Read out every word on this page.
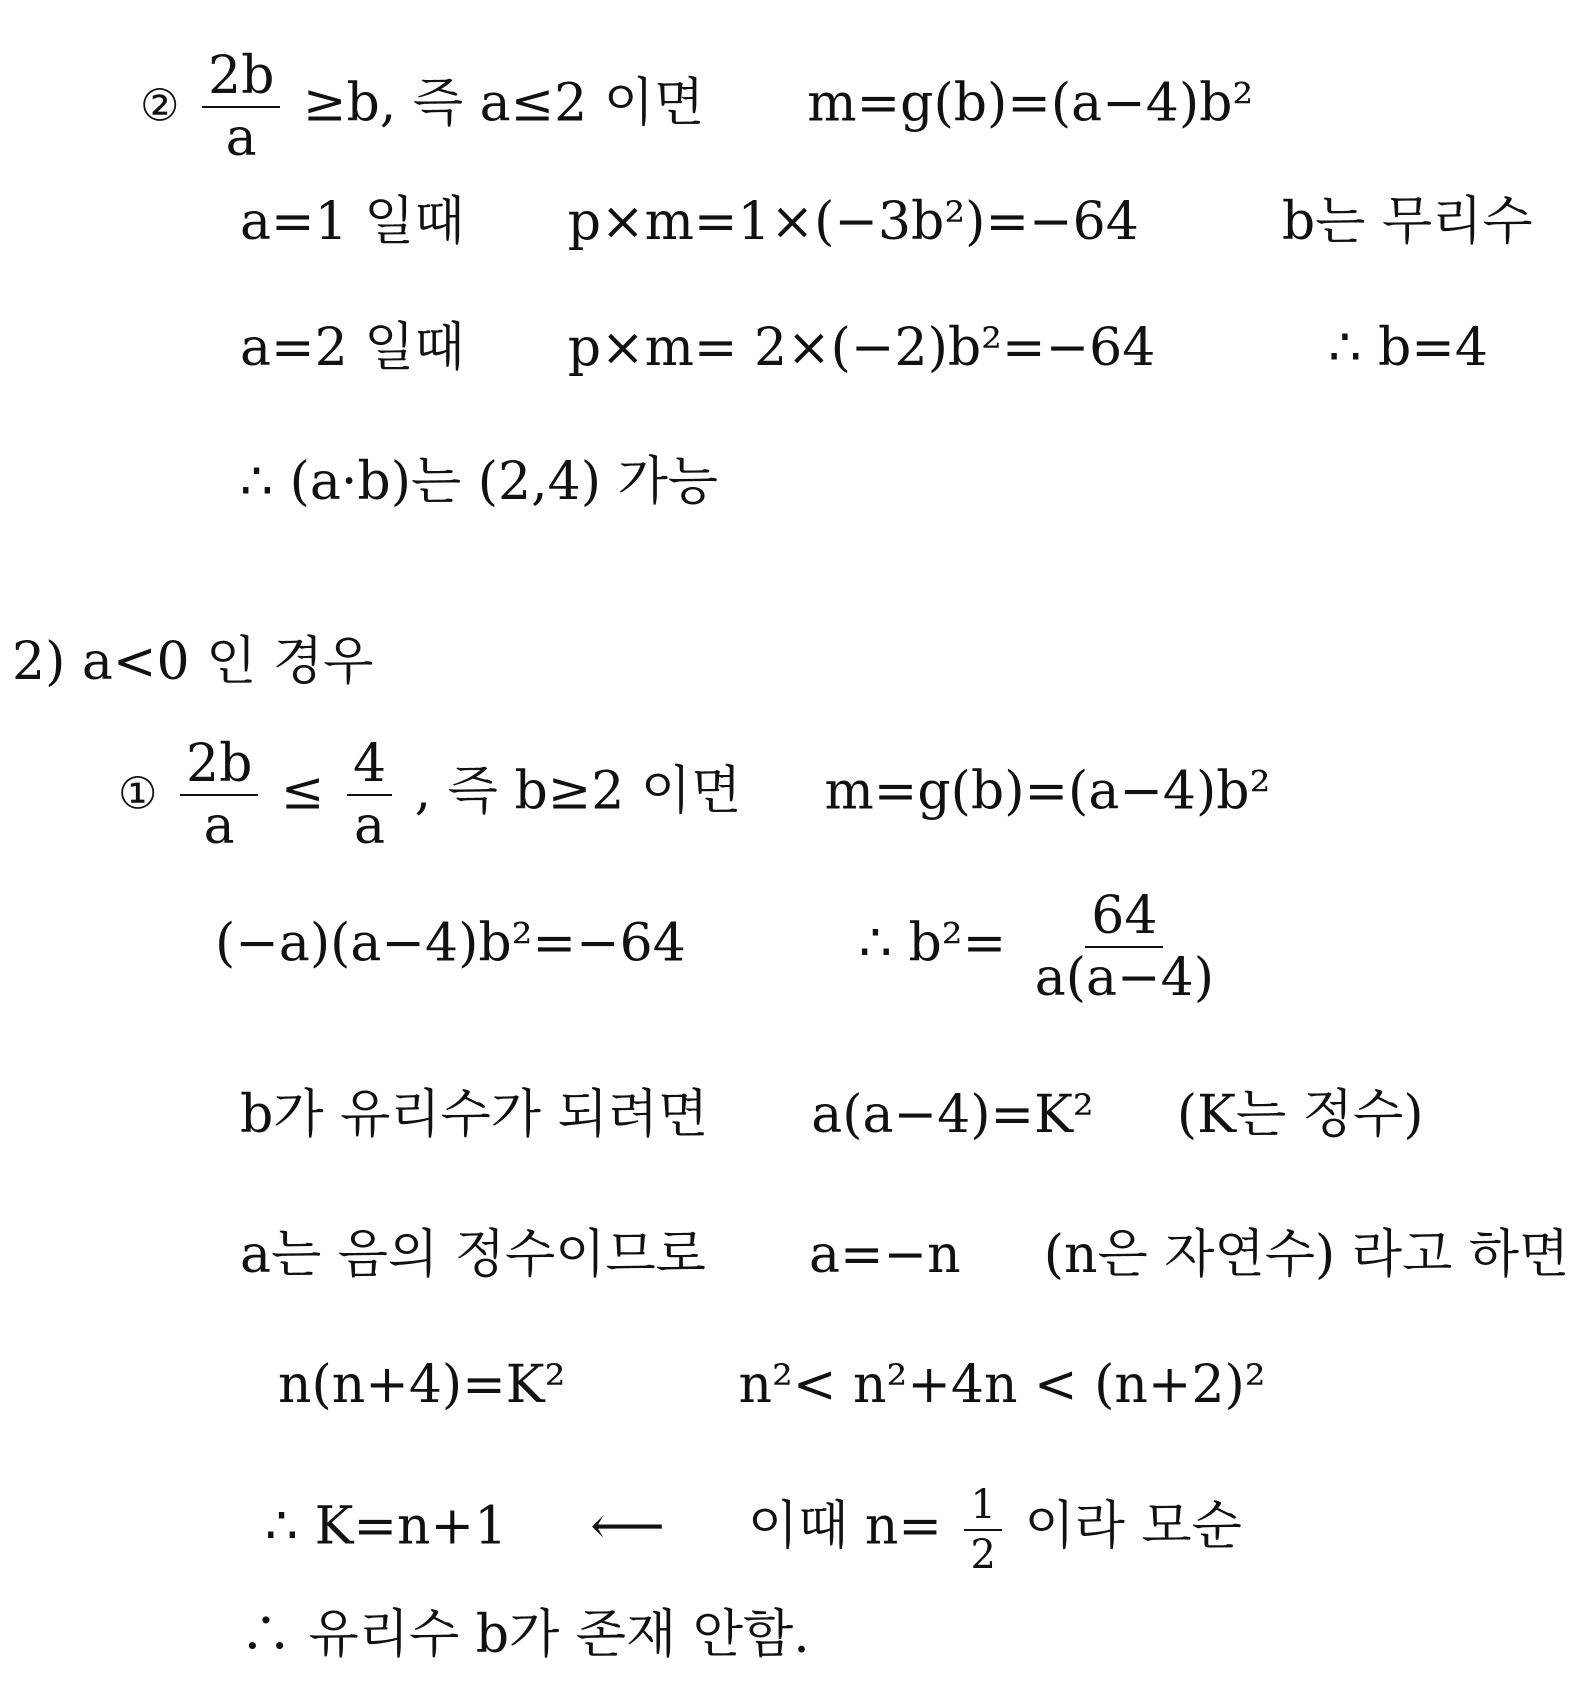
② $\frac{2b}{a} \ge b$, 즉 a≤2 이면 m=g(b)=(a−4)b²
a=1 일때 p×m=1×(−3b²)=−64	b는 무리수
a=2 일때 p×m= 2×(−2)b²=−64	∴ b=4
∴ (a·b)는 (2,4) 가능
2) a<0 인 경우
① $\frac{2b}{a} \le \frac{4}{a}$ , 즉 b≥2 이면 m=g(b)=(a−4)b²
(−a)(a−4)b²=−64	∴ $b^2= \frac{64}{a(a-4)}$
b가 유리수가 되려면 a(a−4)=K² (K는 정수)
a는 음의 정수이므로 a=−n (n은 자연수) 라고 하면
n(n+4)=K²	n²< n²+4n < (n+2)²
∴ K=n+1 ⟵ 이때 $n= \frac{1}{2}$ 이라 모순
∴ 유리수 b가 존재 안함.
